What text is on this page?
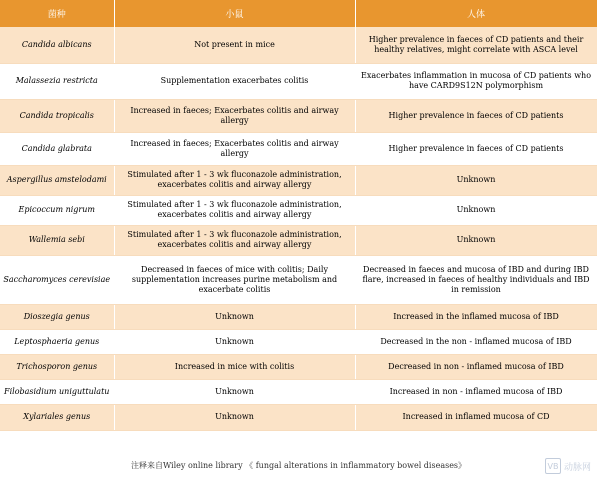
菌种	小鼠	人体
Candida albicans	Not present in mice	Higher prevalence in faeces of CD patients and their healthy relatives, might correlate with ASCA level
Malassezia restricta	Supplementation exacerbates colitis	Exacerbates inflammation in mucosa of CD patients who have CARD9S12N polymorphism
Candida tropicalis	Increased in faeces; Exacerbates colitis and airway allergy	Higher prevalence in faeces of CD patients
Candida glabrata	Increased in faeces; Exacerbates colitis and airway allergy	Higher prevalence in faeces of CD patients
Aspergillus amstelodami	Stimulated after 1 - 3 wk fluconazole administration, exacerbates colitis and airway allergy	Unknown
Epicoccum nigrum	Stimulated after 1 - 3 wk fluconazole administration, exacerbates colitis and airway allergy	Unknown
Wallemia sebi	Stimulated after 1 - 3 wk fluconazole administration, exacerbates colitis and airway allergy	Unknown
Saccharomyces cerevisiae	Decreased in faeces of mice with colitis; Daily supplementation increases purine metabolism and exacerbate colitis	Decreased in faeces and mucosa of IBD and during IBD flare, increased in faeces of healthy individuals and IBD in remission
Dioszegia genus	Unknown	Increased in the inflamed mucosa of IBD
Leptosphaeria genus	Unknown	Decreased in the non - inflamed mucosa of IBD
Trichosporon genus	Increased in mice with colitis	Decreased in non - inflamed mucosa of IBD
Filobasidium uniguttulatu	Unknown	Increased in non - inflamed mucosa of IBD
Xylariales genus	Unknown	Increased in inflamed mucosa of CD
注释来自Wiley online library 《 fungal alterations in inflammatory bowel diseases》	VB 动脉网
